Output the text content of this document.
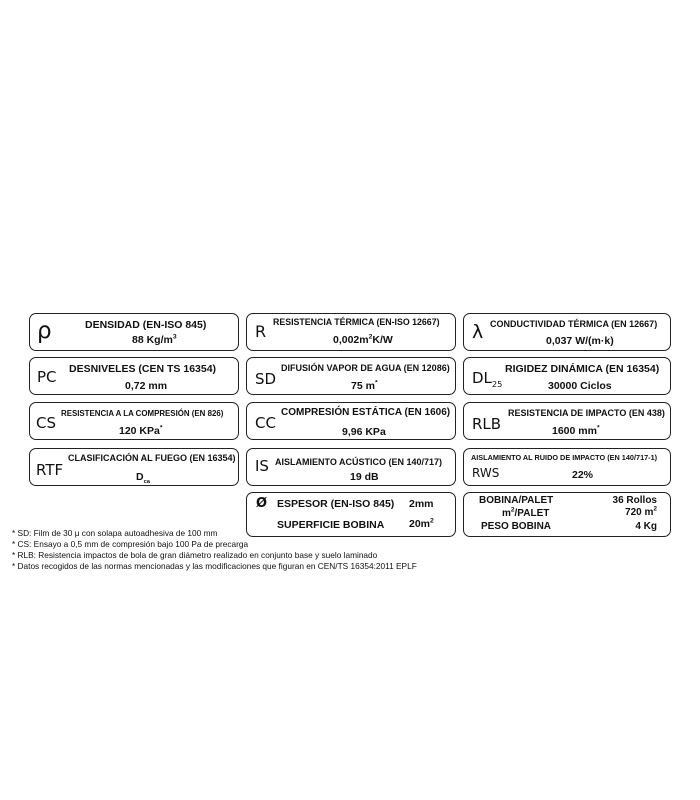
ρ	DENSIDAD (EN-ISO 845)
88 $Kg/m^3$	R RESISTENCIA TÉRMICA (EN-ISO 12667)
$0,002m^2K/W$	λ CONDUCTIVIDAD TÉRMICA (EN 12667)
0,037 W/(m·k)
PC DESNIVELES (CEN TS 16354)
0,72 mm	SD
DIFUSIÓN VAPOR DE AGUA (EN 12086)
75 m*	$DL_{25}$
RIGIDEZ DINÁMICA (EN 16354)
30000 Ciclos
CS
RESISTENCIA A LA COMPRESIÓN (EN 826)
120 KPa*	CC
COMPRESIÓN ESTÁTICA (EN 1606)
9,96 KPa	RLB
RESISTENCIA DE IMPACTO (EN 438)
1600 mm*
RTF
CLASIFICACIÓN AL FUEGO (EN 16354)
$D_{ca}$
IS AISLAMIENTO ACÚSTICO (EN 140/717)
19 dB
AISLAMIENTO AL RUIDO DE IMPACTO (EN 140/717-1)
RWS	22%
Ø ESPESOR (EN-ISO 845) 2mm
SUPERFICIE BOBINA $20m^2$
BOBINA/PALET	36 Rollos
$m^2$/PALET	720 $m^2$
PESO BOBINA	4 Kg
* SD: Film de 30 μ con solapa autoadhesiva de 100 mm
* CS: Ensayo a 0,5 mm de compresión bajo 100 Pa de precarga
* RLB: Resistencia impactos de bola de gran diámetro realizado en conjunto base y suelo laminado
* Datos recogidos de las normas mencionadas y las modificaciones que figuran en CEN/TS 16354:2011 EPLF
